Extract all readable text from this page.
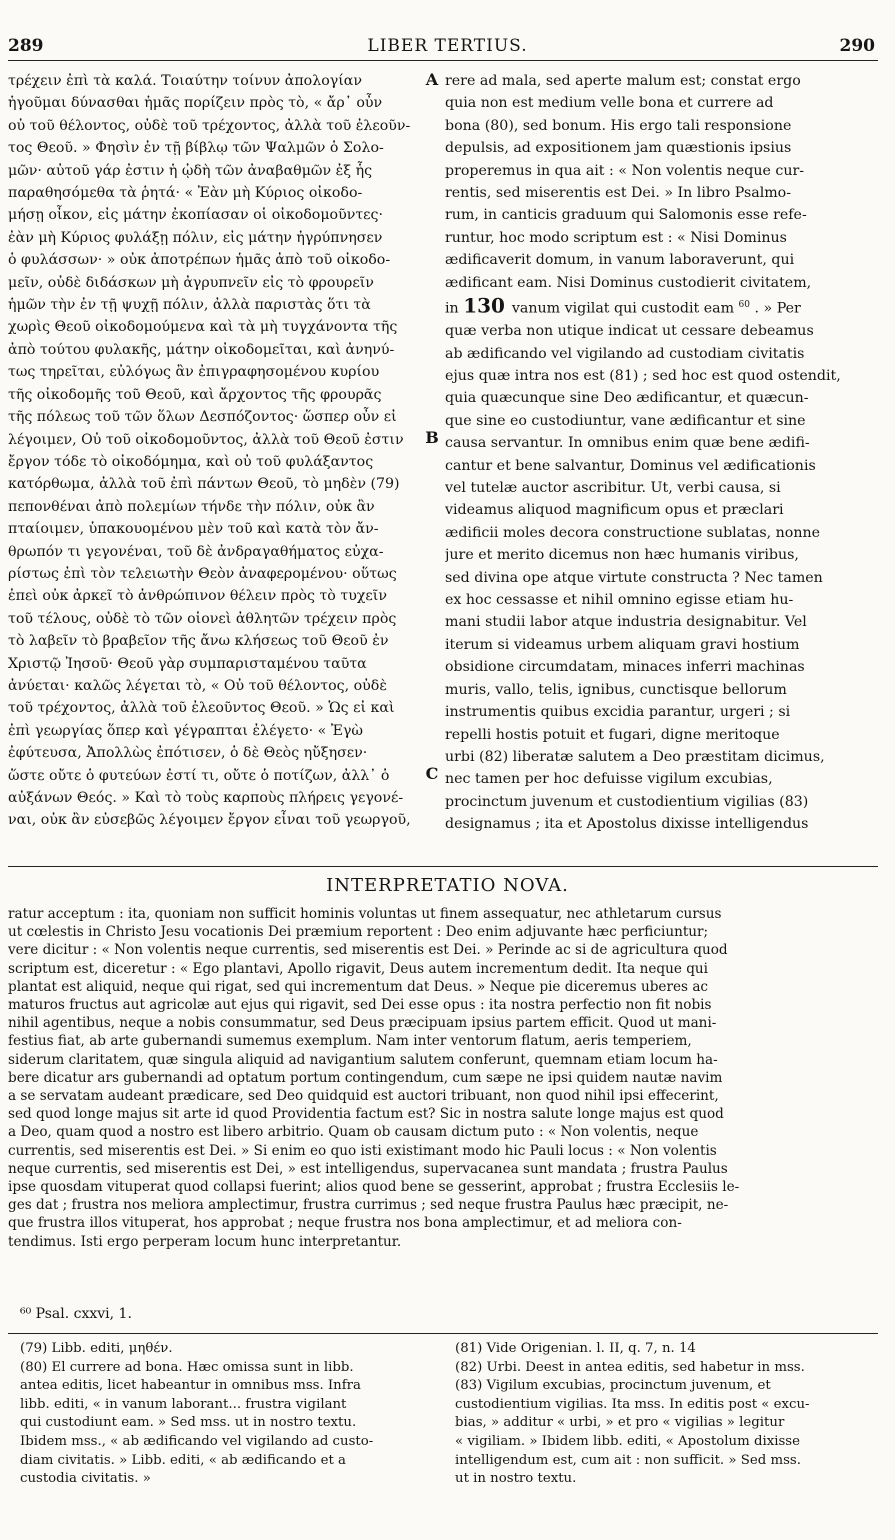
289	LIBER TERTIUS.	290
τρέχειν ἐπὶ τὰ καλά. Τοιαύτην τοίνυν ἀπολογίαν
ἡγοῦμαι δύνασθαι ἡμᾶς πορίζειν πρὸς τὸ, « ἄρ᾽ οὖν
οὐ τοῦ θέλοντος, οὐδὲ τοῦ τρέχοντος, ἀλλὰ τοῦ ἐλεοῦν-
τος Θεοῦ. » Φησὶν ἐν τῇ βίβλῳ τῶν Ψαλμῶν ὁ Σολο-
μῶν· αὐτοῦ γάρ ἐστιν ἡ ᾠδὴ τῶν ἀναβαθμῶν ἐξ ἧς
παραθησόμεθα τὰ ῥητά· « Ἐὰν μὴ Κύριος οἰκοδο-
μήσῃ οἶκον, εἰς μάτην ἐκοπίασαν οἱ οἰκοδομοῦντες·
ἐὰν μὴ Κύριος φυλάξῃ πόλιν, εἰς μάτην ἠγρύπνησεν
ὁ φυλάσσων· » οὐκ ἀποτρέπων ἡμᾶς ἀπὸ τοῦ οἰκοδο-
μεῖν, οὐδὲ διδάσκων μὴ ἀγρυπνεῖν εἰς τὸ φρουρεῖν
ἡμῶν τὴν ἐν τῇ ψυχῇ πόλιν, ἀλλὰ παριστὰς ὅτι τὰ
χωρὶς Θεοῦ οἰκοδομούμενα καὶ τὰ μὴ τυγχάνοντα τῆς
ἀπὸ τούτου φυλακῆς, μάτην οἰκοδομεῖται, καὶ ἀνηνύ-
τως τηρεῖται, εὐλόγως ἂν ἐπιγραφησομένου κυρίου
τῆς οἰκοδομῆς τοῦ Θεοῦ, καὶ ἄρχοντος τῆς φρουρᾶς
τῆς πόλεως τοῦ τῶν ὅλων Δεσπόζοντος· ὥσπερ οὖν εἰ
λέγοιμεν, Οὐ τοῦ οἰκοδομοῦντος, ἀλλὰ τοῦ Θεοῦ ἐστιν
ἔργον τόδε τὸ οἰκοδόμημα, καὶ οὐ τοῦ φυλάξαντος
κατόρθωμα, ἀλλὰ τοῦ ἐπὶ πάντων Θεοῦ, τὸ μηδὲν (79)
πεπονθέναι ἀπὸ πολεμίων τήνδε τὴν πόλιν, οὐκ ἂν
πταίοιμεν, ὑπακουομένου μὲν τοῦ καὶ κατὰ τὸν ἄν-
θρωπόν τι γεγονέναι, τοῦ δὲ ἀνδραγαθήματος εὐχα-
ρίστως ἐπὶ τὸν τελειωτὴν Θεὸν ἀναφερομένου· οὕτως
ἐπεὶ οὐκ ἀρκεῖ τὸ ἀνθρώπινον θέλειν πρὸς τὸ τυχεῖν
τοῦ τέλους, οὐδὲ τὸ τῶν οἱονεὶ ἀθλητῶν τρέχειν πρὸς
τὸ λαβεῖν τὸ βραβεῖον τῆς ἄνω κλήσεως τοῦ Θεοῦ ἐν
Χριστῷ Ἰησοῦ· Θεοῦ γὰρ συμπαρισταμένου ταῦτα
ἀνύεται· καλῶς λέγεται τὸ, « Οὐ τοῦ θέλοντος, οὐδὲ
τοῦ τρέχοντος, ἀλλὰ τοῦ ἐλεοῦντος Θεοῦ. » Ὡς εἰ καὶ
ἐπὶ γεωργίας ὅπερ καὶ γέγραπται ἐλέγετο· « Ἐγὼ
ἐφύτευσα, Ἀπολλὼς ἐπότισεν, ὁ δὲ Θεὸς ηὔξησεν·
ὥστε οὔτε ὁ φυτεύων ἐστί τι, οὔτε ὁ ποτίζων, ἀλλ᾽ ὁ
αὐξάνων Θεός. » Καὶ τὸ τοὺς καρποὺς πλήρεις γεγονέ-
ναι, οὐκ ἂν εὐσεβῶς λέγοιμεν ἔργον εἶναι τοῦ γεωργοῦ,
A
B
C
rere ad mala, sed aperte malum est; constat ergo
quia non est medium velle bona et currere ad
bona (80), sed bonum. His ergo tali responsione
depulsis, ad expositionem jam quæstionis ipsius
properemus in qua ait : « Non volentis neque cur-
rentis, sed miserentis est Dei. » In libro Psalmo-
rum, in canticis graduum qui Salomonis esse refe-
runtur, hoc modo scriptum est : « Nisi Dominus
ædificaverit domum, in vanum laboraverunt, qui
ædificant eam. Nisi Dominus custodierit civitatem,
in 130 vanum vigilat qui custodit eam $^{60}$ . » Per
quæ verba non utique indicat ut cessare debeamus
ab ædificando vel vigilando ad custodiam civitatis
ejus quæ intra nos est (81) ; sed hoc est quod ostendit,
quia quæcunque sine Deo ædificantur, et quæcun-
que sine eo custodiuntur, vane ædificantur et sine
causa servantur. In omnibus enim quæ bene ædifi-
cantur et bene salvantur, Dominus vel ædificationis
vel tutelæ auctor ascribitur. Ut, verbi causa, si
videamus aliquod magnificum opus et præclari
ædificii moles decora constructione sublatas, nonne
jure et merito dicemus non hæc humanis viribus,
sed divina ope atque virtute constructa ? Nec tamen
ex hoc cessasse et nihil omnino egisse etiam hu-
mani studii labor atque industria designabitur. Vel
iterum si videamus urbem aliquam gravi hostium
obsidione circumdatam, minaces inferri machinas
muris, vallo, telis, ignibus, cunctisque bellorum
instrumentis quibus excidia parantur, urgeri ; si
repelli hostis potuit et fugari, digne meritoque
urbi (82) liberatæ salutem a Deo præstitam dicimus,
nec tamen per hoc defuisse vigilum excubias,
procinctum juvenum et custodientium vigilias (83)
designamus ; ita et Apostolus dixisse intelligendus
INTERPRETATIO NOVA.
ratur acceptum : ita, quoniam non sufficit hominis voluntas ut finem assequatur, nec athletarum cursus
ut cœlestis in Christo Jesu vocationis Dei præmium reportent : Deo enim adjuvante hæc perficiuntur;
vere dicitur : « Non volentis neque currentis, sed miserentis est Dei. » Perinde ac si de agricultura quod
scriptum est, diceretur : « Ego plantavi, Apollo rigavit, Deus autem incrementum dedit. Ita neque qui
plantat est aliquid, neque qui rigat, sed qui incrementum dat Deus. » Neque pie diceremus uberes ac
maturos fructus aut agricolæ aut ejus qui rigavit, sed Dei esse opus : ita nostra perfectio non fit nobis
nihil agentibus, neque a nobis consummatur, sed Deus præcipuam ipsius partem efficit. Quod ut mani-
festius fiat, ab arte gubernandi sumemus exemplum. Nam inter ventorum flatum, aeris temperiem,
siderum claritatem, quæ singula aliquid ad navigantium salutem conferunt, quemnam etiam locum ha-
bere dicatur ars gubernandi ad optatum portum contingendum, cum sæpe ne ipsi quidem nautæ navim
a se servatam audeant prædicare, sed Deo quidquid est auctori tribuant, non quod nihil ipsi effecerint,
sed quod longe majus sit arte id quod Providentia factum est? Sic in nostra salute longe majus est quod
a Deo, quam quod a nostro est libero arbitrio. Quam ob causam dictum puto : « Non volentis, neque
currentis, sed miserentis est Dei. » Si enim eo quo isti existimant modo hic Pauli locus : « Non volentis
neque currentis, sed miserentis est Dei, » est intelligendus, supervacanea sunt mandata ; frustra Paulus
ipse quosdam vituperat quod collapsi fuerint; alios quod bene se gesserint, approbat ; frustra Ecclesiis le-
ges dat ; frustra nos meliora amplectimur, frustra currimus ; sed neque frustra Paulus hæc præcipit, ne-
que frustra illos vituperat, hos approbat ; neque frustra nos bona amplectimur, et ad meliora con-
tendimus. Isti ergo perperam locum hunc interpretantur.
⁶⁰ Psal. cxxvi, 1.
(79) Libb. editi, μηθέν.
(80) El currere ad bona. Hæc omissa sunt in libb.
antea editis, licet habeantur in omnibus mss. Infra
libb. editi, « in vanum laborant... frustra vigilant
qui custodiunt eam. » Sed mss. ut in nostro textu.
Ibidem mss., « ab ædificando vel vigilando ad custo-
diam civitatis. » Libb. editi, « ab ædificando et a
custodia civitatis. »
(81) Vide Origenian. l. II, q. 7, n. 14
(82) Urbi. Deest in antea editis, sed habetur in mss.
(83) Vigilum excubias, procinctum juvenum, et
custodientium vigilias. Ita mss. In editis post « excu-
bias, » additur « urbi, » et pro « vigilias » legitur
« vigiliam. » Ibidem libb. editi, « Apostolum dixisse
intelligendum est, cum ait : non sufficit. » Sed mss.
ut in nostro textu.
